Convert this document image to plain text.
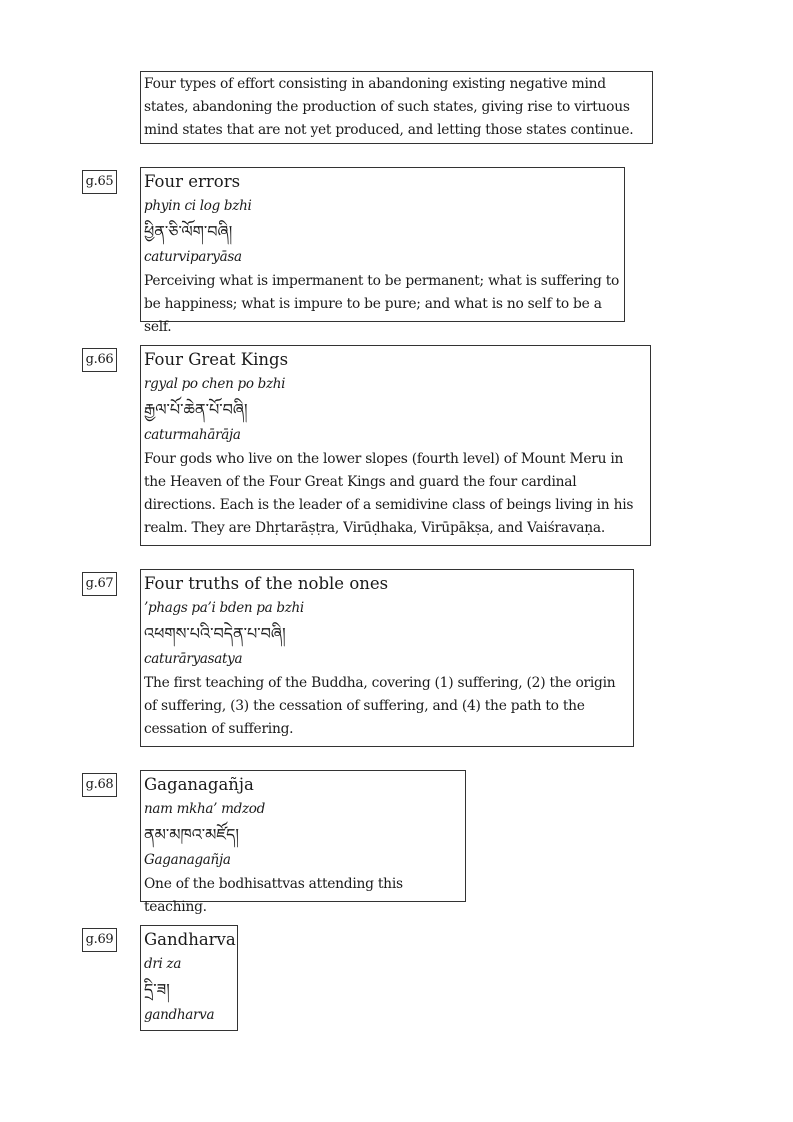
Four types of effort consisting in abandoning existing negative mind states, abandoning the production of such states, giving rise to virtuous mind states that are not yet produced, and letting those states continue.
g.65 Four errors
phyin ci log bzhi
ཕྱིན་ཅི་ལོག་བཞི།
caturviparyāsa
Perceiving what is impermanent to be permanent; what is suffering to be happiness; what is impure to be pure; and what is no self to be a self.
g.66 Four Great Kings
rgyal po chen po bzhi
རྒྱལ་པོ་ཆེན་པོ་བཞི།
caturmahārāja
Four gods who live on the lower slopes (fourth level) of Mount Meru in the Heaven of the Four Great Kings and guard the four cardinal directions. Each is the leader of a semidivine class of beings living in his realm. They are Dhṛtarāṣṭra, Virūḍhaka, Virūpākṣa, and Vaiśravaṇa.
g.67 Four truths of the noble ones
’phags pa’i bden pa bzhi
འཕགས་པའི་བདེན་པ་བཞི།
caturāryasatya
The first teaching of the Buddha, covering (1) suffering, (2) the origin of suffering, (3) the cessation of suffering, and (4) the path to the cessation of suffering.
g.68 Gaganagañja
nam mkha’ mdzod
ནམ་མཁའ་མཛོད།
Gaganagañja
One of the bodhisattvas attending this teaching.
g.69 Gandharva
dri za
དྲི་ཟ།
gandharva
